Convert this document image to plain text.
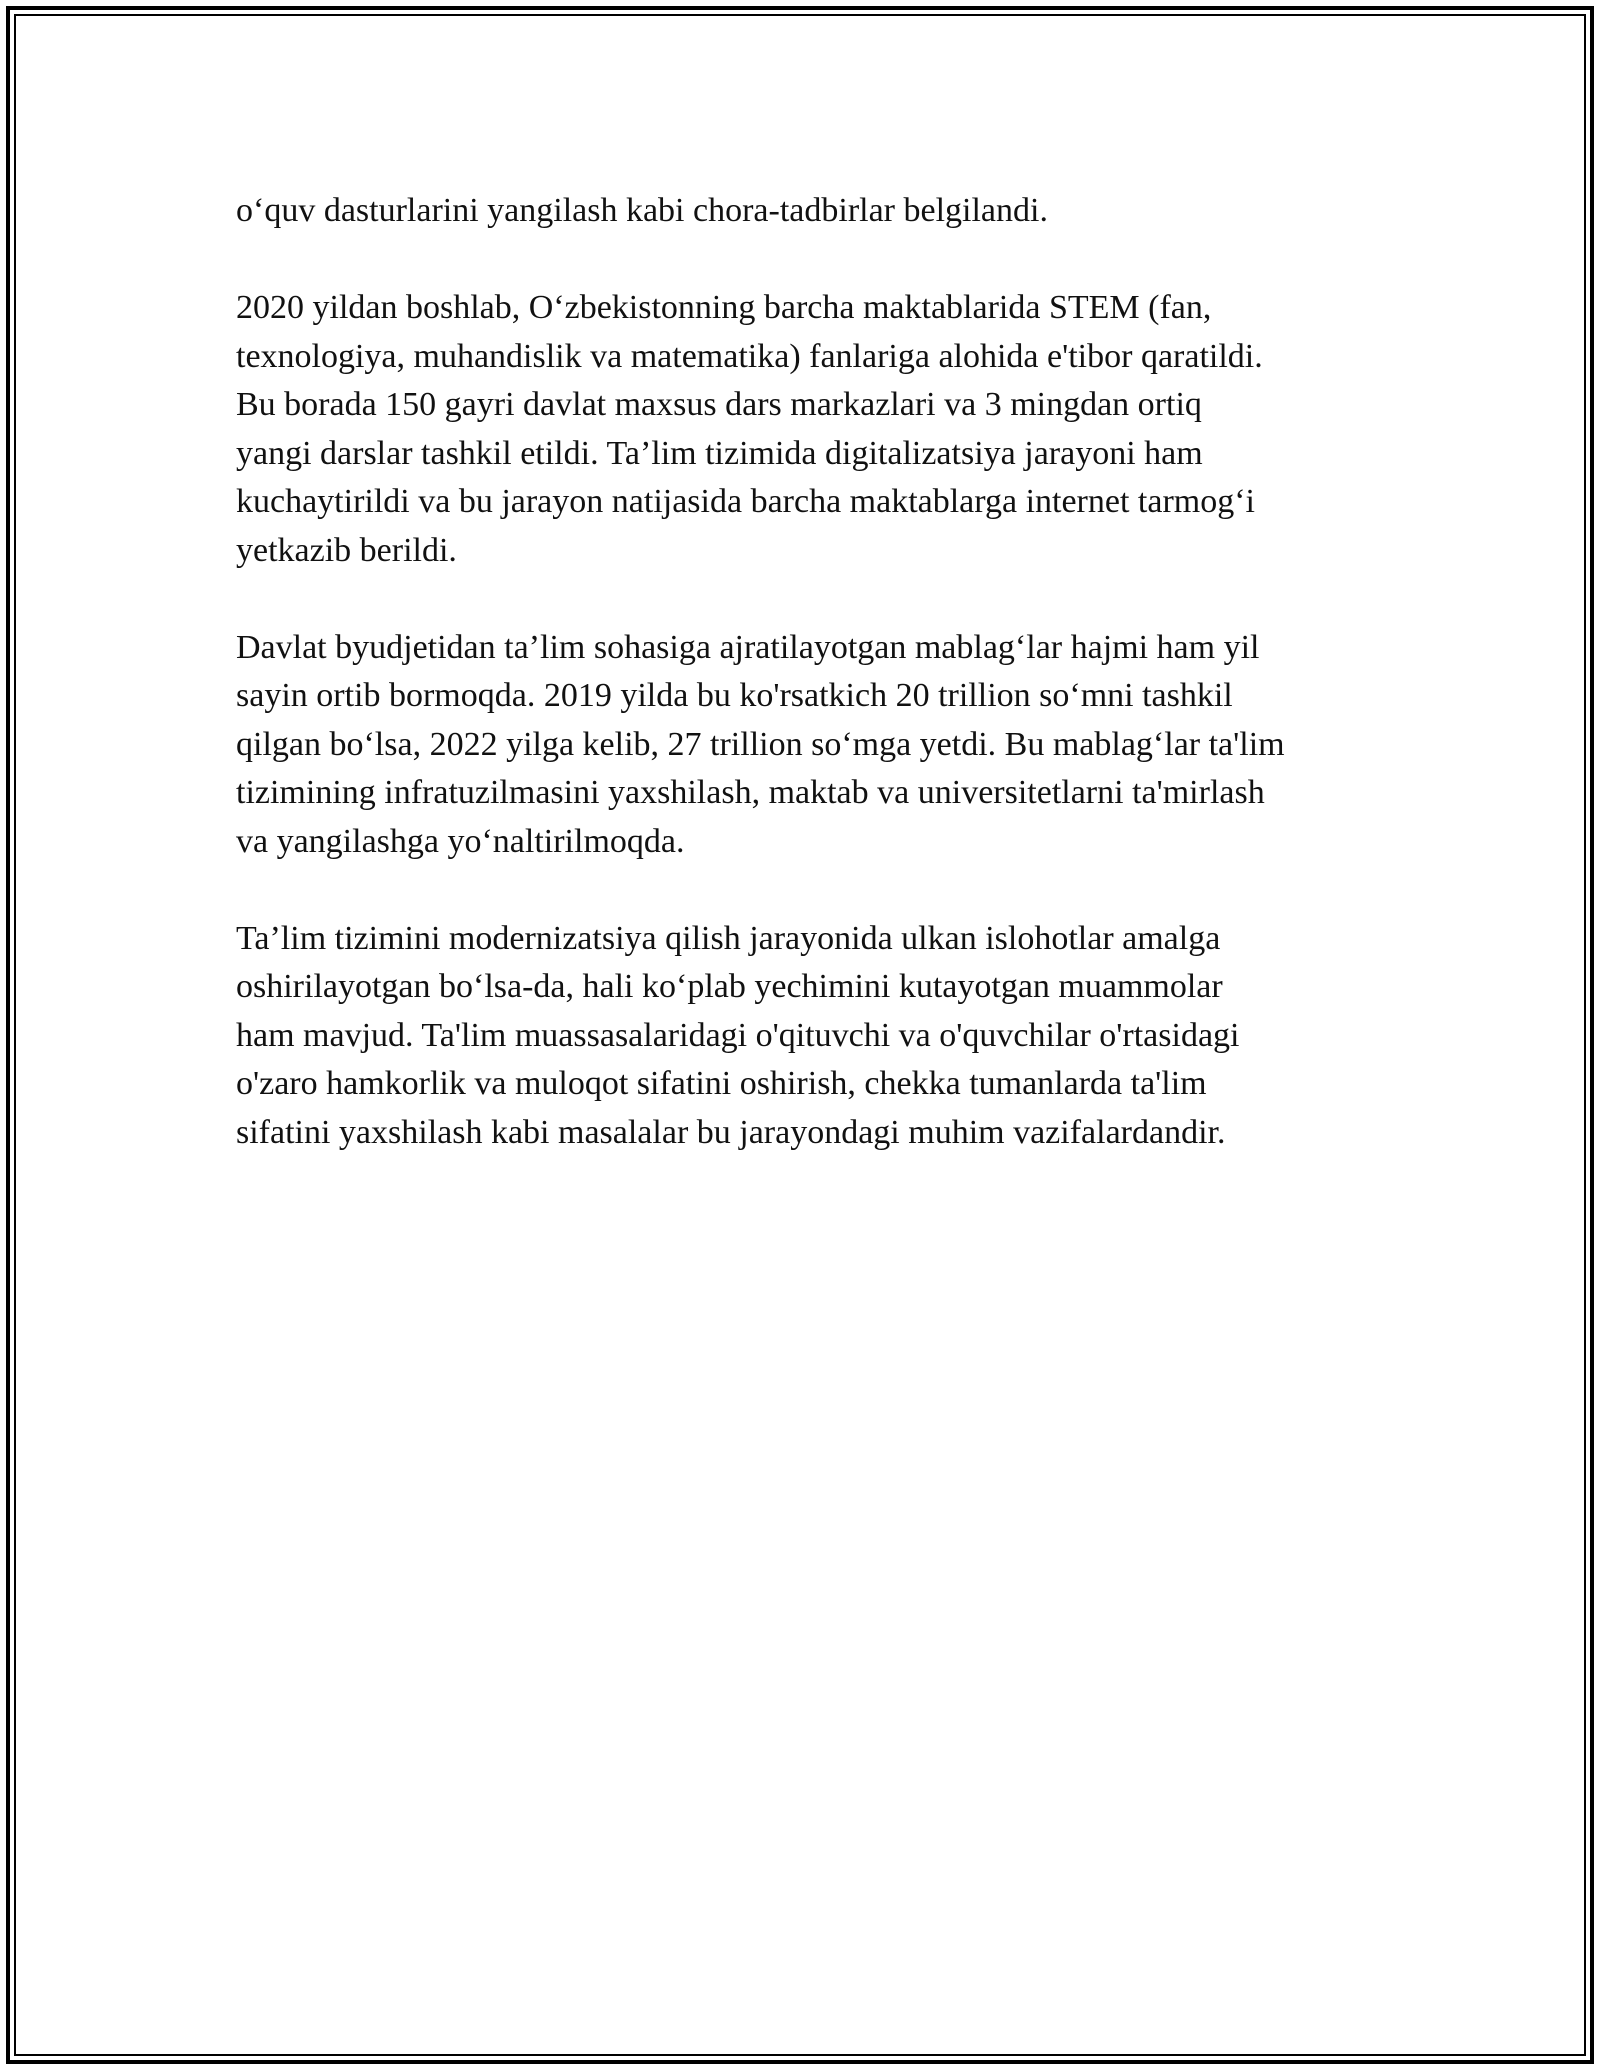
o‘quv dasturlarini yangilash kabi chora-tadbirlar belgilandi.

2020 yildan boshlab, O‘zbekistonning barcha maktablarida STEM (fan,
texnologiya, muhandislik va matematika) fanlariga alohida e'tibor qaratildi.
Bu borada 150 gayri davlat maxsus dars markazlari va 3 mingdan ortiq
yangi darslar tashkil etildi. Ta’lim tizimida digitalizatsiya jarayoni ham
kuchaytirildi va bu jarayon natijasida barcha maktablarga internet tarmog‘i
yetkazib berildi.

Davlat byudjetidan ta’lim sohasiga ajratilayotgan mablag‘lar hajmi ham yil
sayin ortib bormoqda. 2019 yilda bu ko'rsatkich 20 trillion so‘mni tashkil
qilgan bo‘lsa, 2022 yilga kelib, 27 trillion so‘mga yetdi. Bu mablag‘lar ta'lim
tizimining infratuzilmasini yaxshilash, maktab va universitetlarni ta'mirlash
va yangilashga yo‘naltirilmoqda.

Ta’lim tizimini modernizatsiya qilish jarayonida ulkan islohotlar amalga
oshirilayotgan bo‘lsa-da, hali ko‘plab yechimini kutayotgan muammolar
ham mavjud. Ta'lim muassasalaridagi o'qituvchi va o'quvchilar o'rtasidagi
o'zaro hamkorlik va muloqot sifatini oshirish, chekka tumanlarda ta'lim
sifatini yaxshilash kabi masalalar bu jarayondagi muhim vazifalardandir.
